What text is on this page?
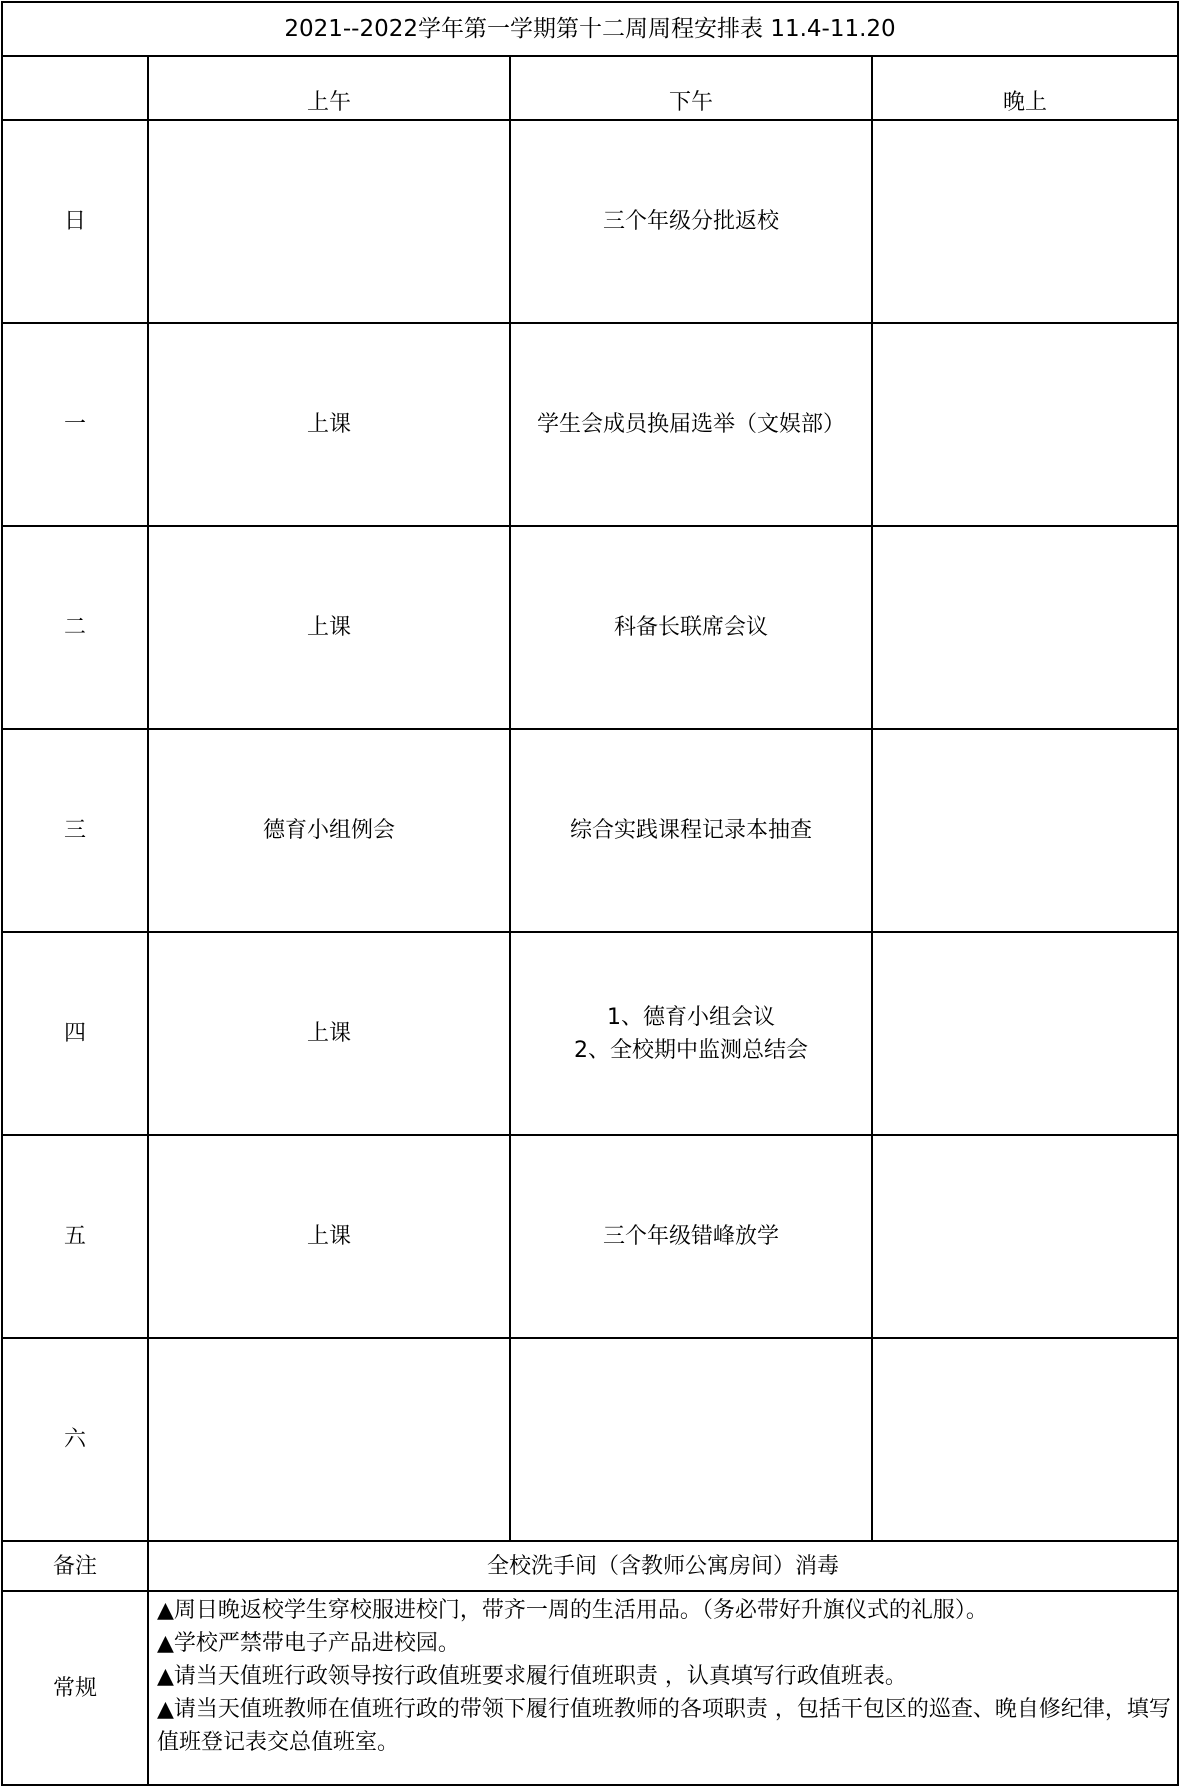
2021--2022学年第一学期第十二周周程安排表 11.4-11.20			
	上午	下午	晚上
日		三个年级分批返校	

一	上课	学生会成员换届选举（文娱部）	

二	上课	科备长联席会议	

三	德育小组例会	综合实践课程记录本抽查	

四	上课	1、德育小组会议
2、全校期中监测总结会	

五	上课	三个年级错峰放学	

六		

备注	全校洗手间（含教师公寓房间）消毒		
常规	▲周日晚返校学生穿校服进校门，带齐一周的生活用品。（务必带好升旗仪式的礼服）。
▲学校严禁带电子产品进校园。
▲请当天值班行政领导按行政值班要求履行值班职责 ，认真填写行政值班表。
▲请当天值班教师在值班行政的带领下履行值班教师的各项职责 ，包括干包区的巡查、晚自修纪律，填写值班登记表交总值班室。		
